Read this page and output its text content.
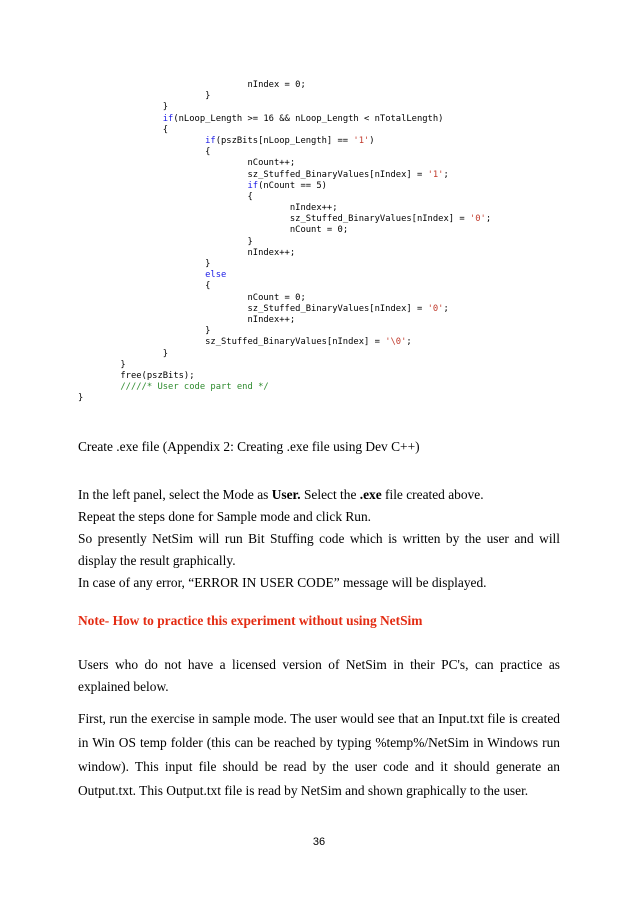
nIndex = 0;
}
}
if(nLoop_Length >= 16 && nLoop_Length < nTotalLength)
{
if(pszBits[nLoop_Length] == '1')
{
nCount++;
sz_Stuffed_BinaryValues[nIndex] = '1';
if(nCount == 5)
{
nIndex++;
sz_Stuffed_BinaryValues[nIndex] = '0';
nCount = 0;
}
nIndex++;
}
else
{
nCount = 0;
sz_Stuffed_BinaryValues[nIndex] = '0';
nIndex++;
}
sz_Stuffed_BinaryValues[nIndex] = '\0';
}
}
free(pszBits);
/////* User code part end */
}

Create .exe file (Appendix 2: Creating .exe file using Dev C++)

In the left panel, select the Mode as User. Select the .exe file created above.

Repeat the steps done for Sample mode and click Run.

So presently NetSim will run Bit Stuffing code which is written by the user and will display the result graphically.

In case of any error, “ERROR IN USER CODE” message will be displayed.

Note- How to practice this experiment without using NetSim

Users who do not have a licensed version of NetSim in their PC's, can practice as explained below.

First, run the exercise in sample mode. The user would see that an Input.txt file is created in Win OS temp folder (this can be reached by typing %temp%/NetSim in Windows run window). This input file should be read by the user code and it should generate an Output.txt. This Output.txt file is read by NetSim and shown graphically to the user.

36
